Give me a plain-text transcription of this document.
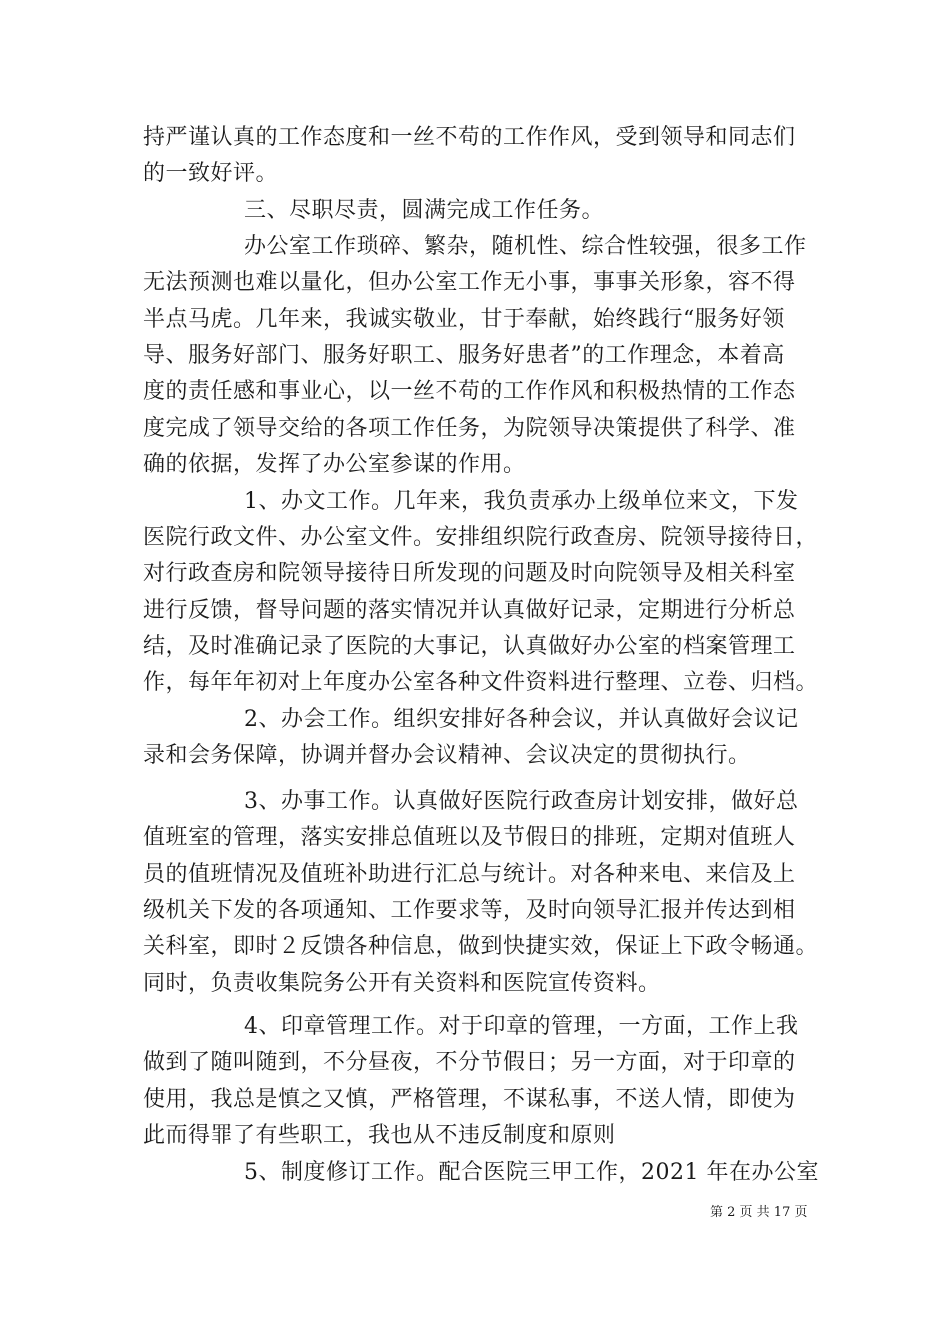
持严谨认真的工作态度和一丝不苟的工作作风，受到领导和同志们
的一致好评。
三、尽职尽责，圆满完成工作任务。
办公室工作琐碎、繁杂，随机性、综合性较强，很多工作
无法预测也难以量化，但办公室工作无小事，事事关形象，容不得
半点马虎。几年来，我诚实敬业，甘于奉献，始终践行“服务好领
导、服务好部门、服务好职工、服务好患者”的工作理念，本着高
度的责任感和事业心，以一丝不苟的工作作风和积极热情的工作态
度完成了领导交给的各项工作任务，为院领导决策提供了科学、准
确的依据，发挥了办公室参谋的作用。
1、办文工作。几年来，我负责承办上级单位来文，下发
医院行政文件、办公室文件。安排组织院行政查房、院领导接待日，
对行政查房和院领导接待日所发现的问题及时向院领导及相关科室
进行反馈，督导问题的落实情况并认真做好记录，定期进行分析总
结，及时准确记录了医院的大事记，认真做好办公室的档案管理工
作，每年年初对上年度办公室各种文件资料进行整理、立卷、归档。
2、办会工作。组织安排好各种会议，并认真做好会议记
录和会务保障，协调并督办会议精神、会议决定的贯彻执行。
3、办事工作。认真做好医院行政查房计划安排，做好总
值班室的管理，落实安排总值班以及节假日的排班，定期对值班人
员的值班情况及值班补助进行汇总与统计。对各种来电、来信及上
级机关下发的各项通知、工作要求等，及时向领导汇报并传达到相
关科室，即时２反馈各种信息，做到快捷实效，保证上下政令畅通。
同时，负责收集院务公开有关资料和医院宣传资料。
4、印章管理工作。对于印章的管理，一方面，工作上我
做到了随叫随到，不分昼夜，不分节假日；另一方面，对于印章的
使用，我总是慎之又慎，严格管理，不谋私事，不送人情，即使为
此而得罪了有些职工，我也从不违反制度和原则
5、制度修订工作。配合医院三甲工作，2021 年在办公室
第 2 页 共 17 页
